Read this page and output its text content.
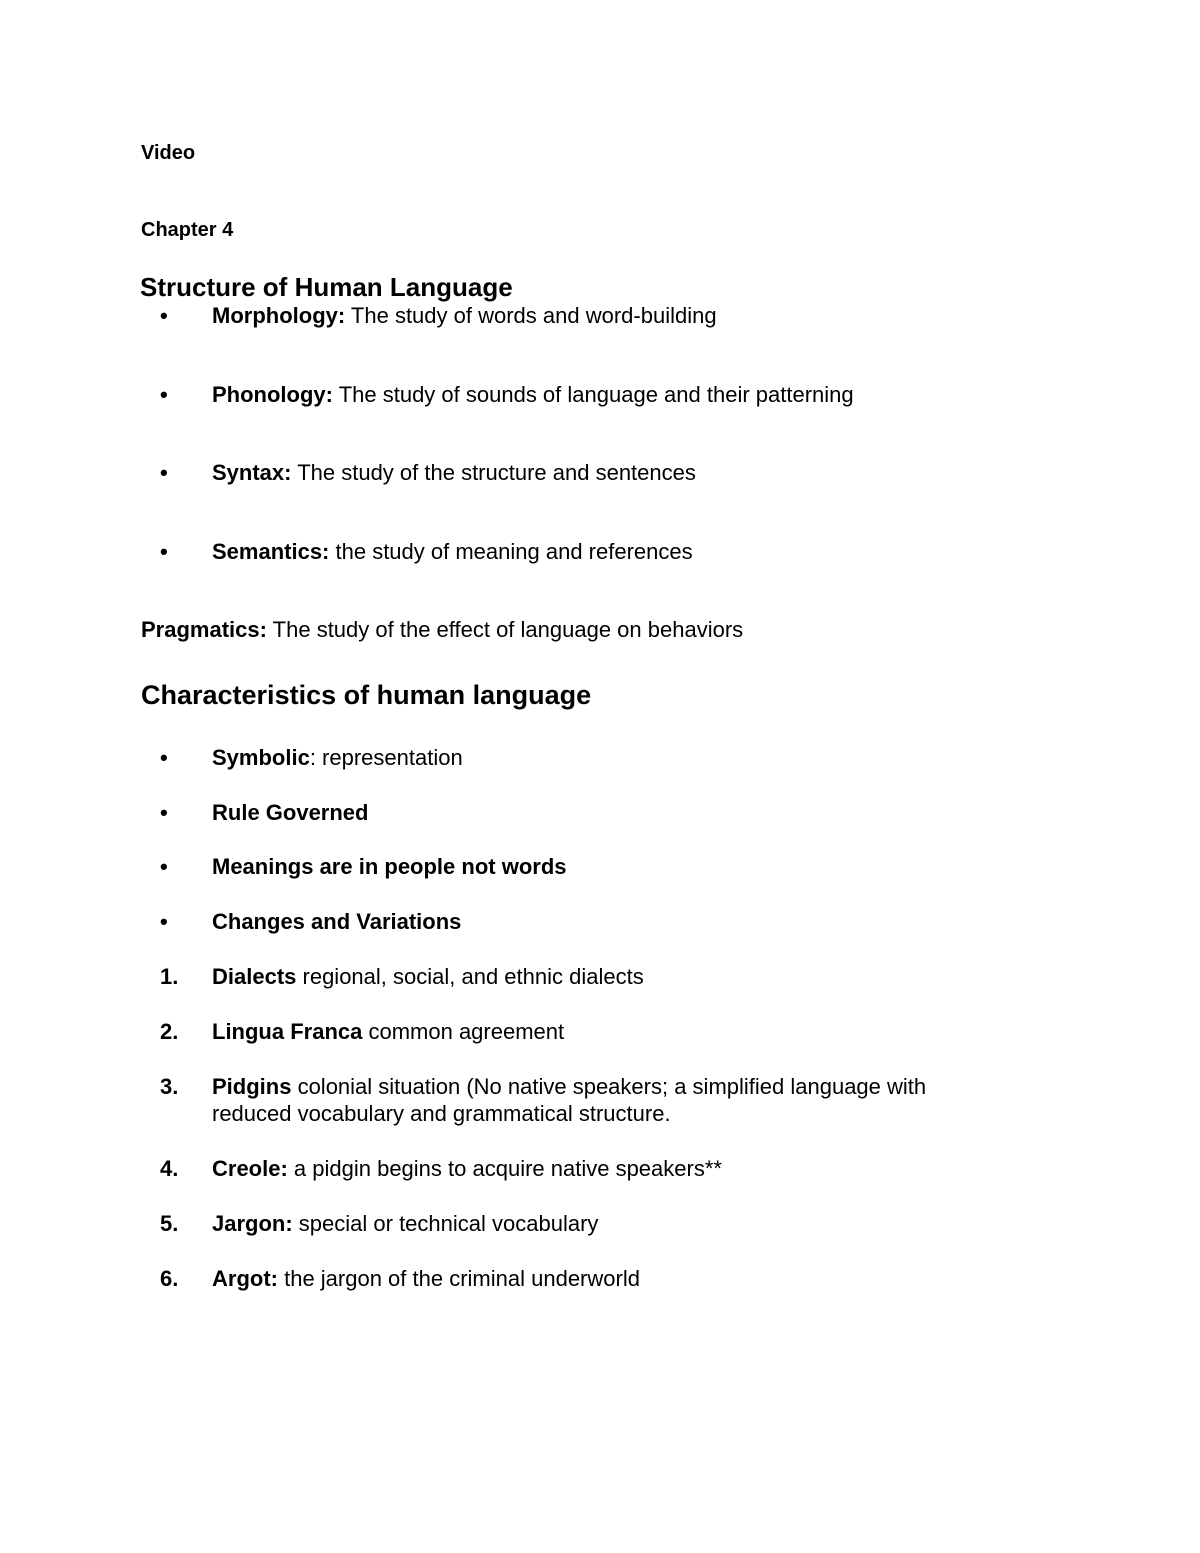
Video
Chapter 4
Structure of Human Language
• Morphology: The study of words and word-building
• Phonology: The study of sounds of language and their patterning
• Syntax: The study of the structure and sentences
• Semantics: the study of meaning and references
Pragmatics: The study of the effect of language on behaviors
Characteristics of human language
• Symbolic: representation
• Rule Governed
• Meanings are in people not words
• Changes and Variations
1. Dialects regional, social, and ethnic dialects
2. Lingua Franca common agreement
3. Pidgins colonial situation (No native speakers; a simplified language with reduced vocabulary and grammatical structure.
4. Creole: a pidgin begins to acquire native speakers**
5. Jargon: special or technical vocabulary
6. Argot: the jargon of the criminal underworld
